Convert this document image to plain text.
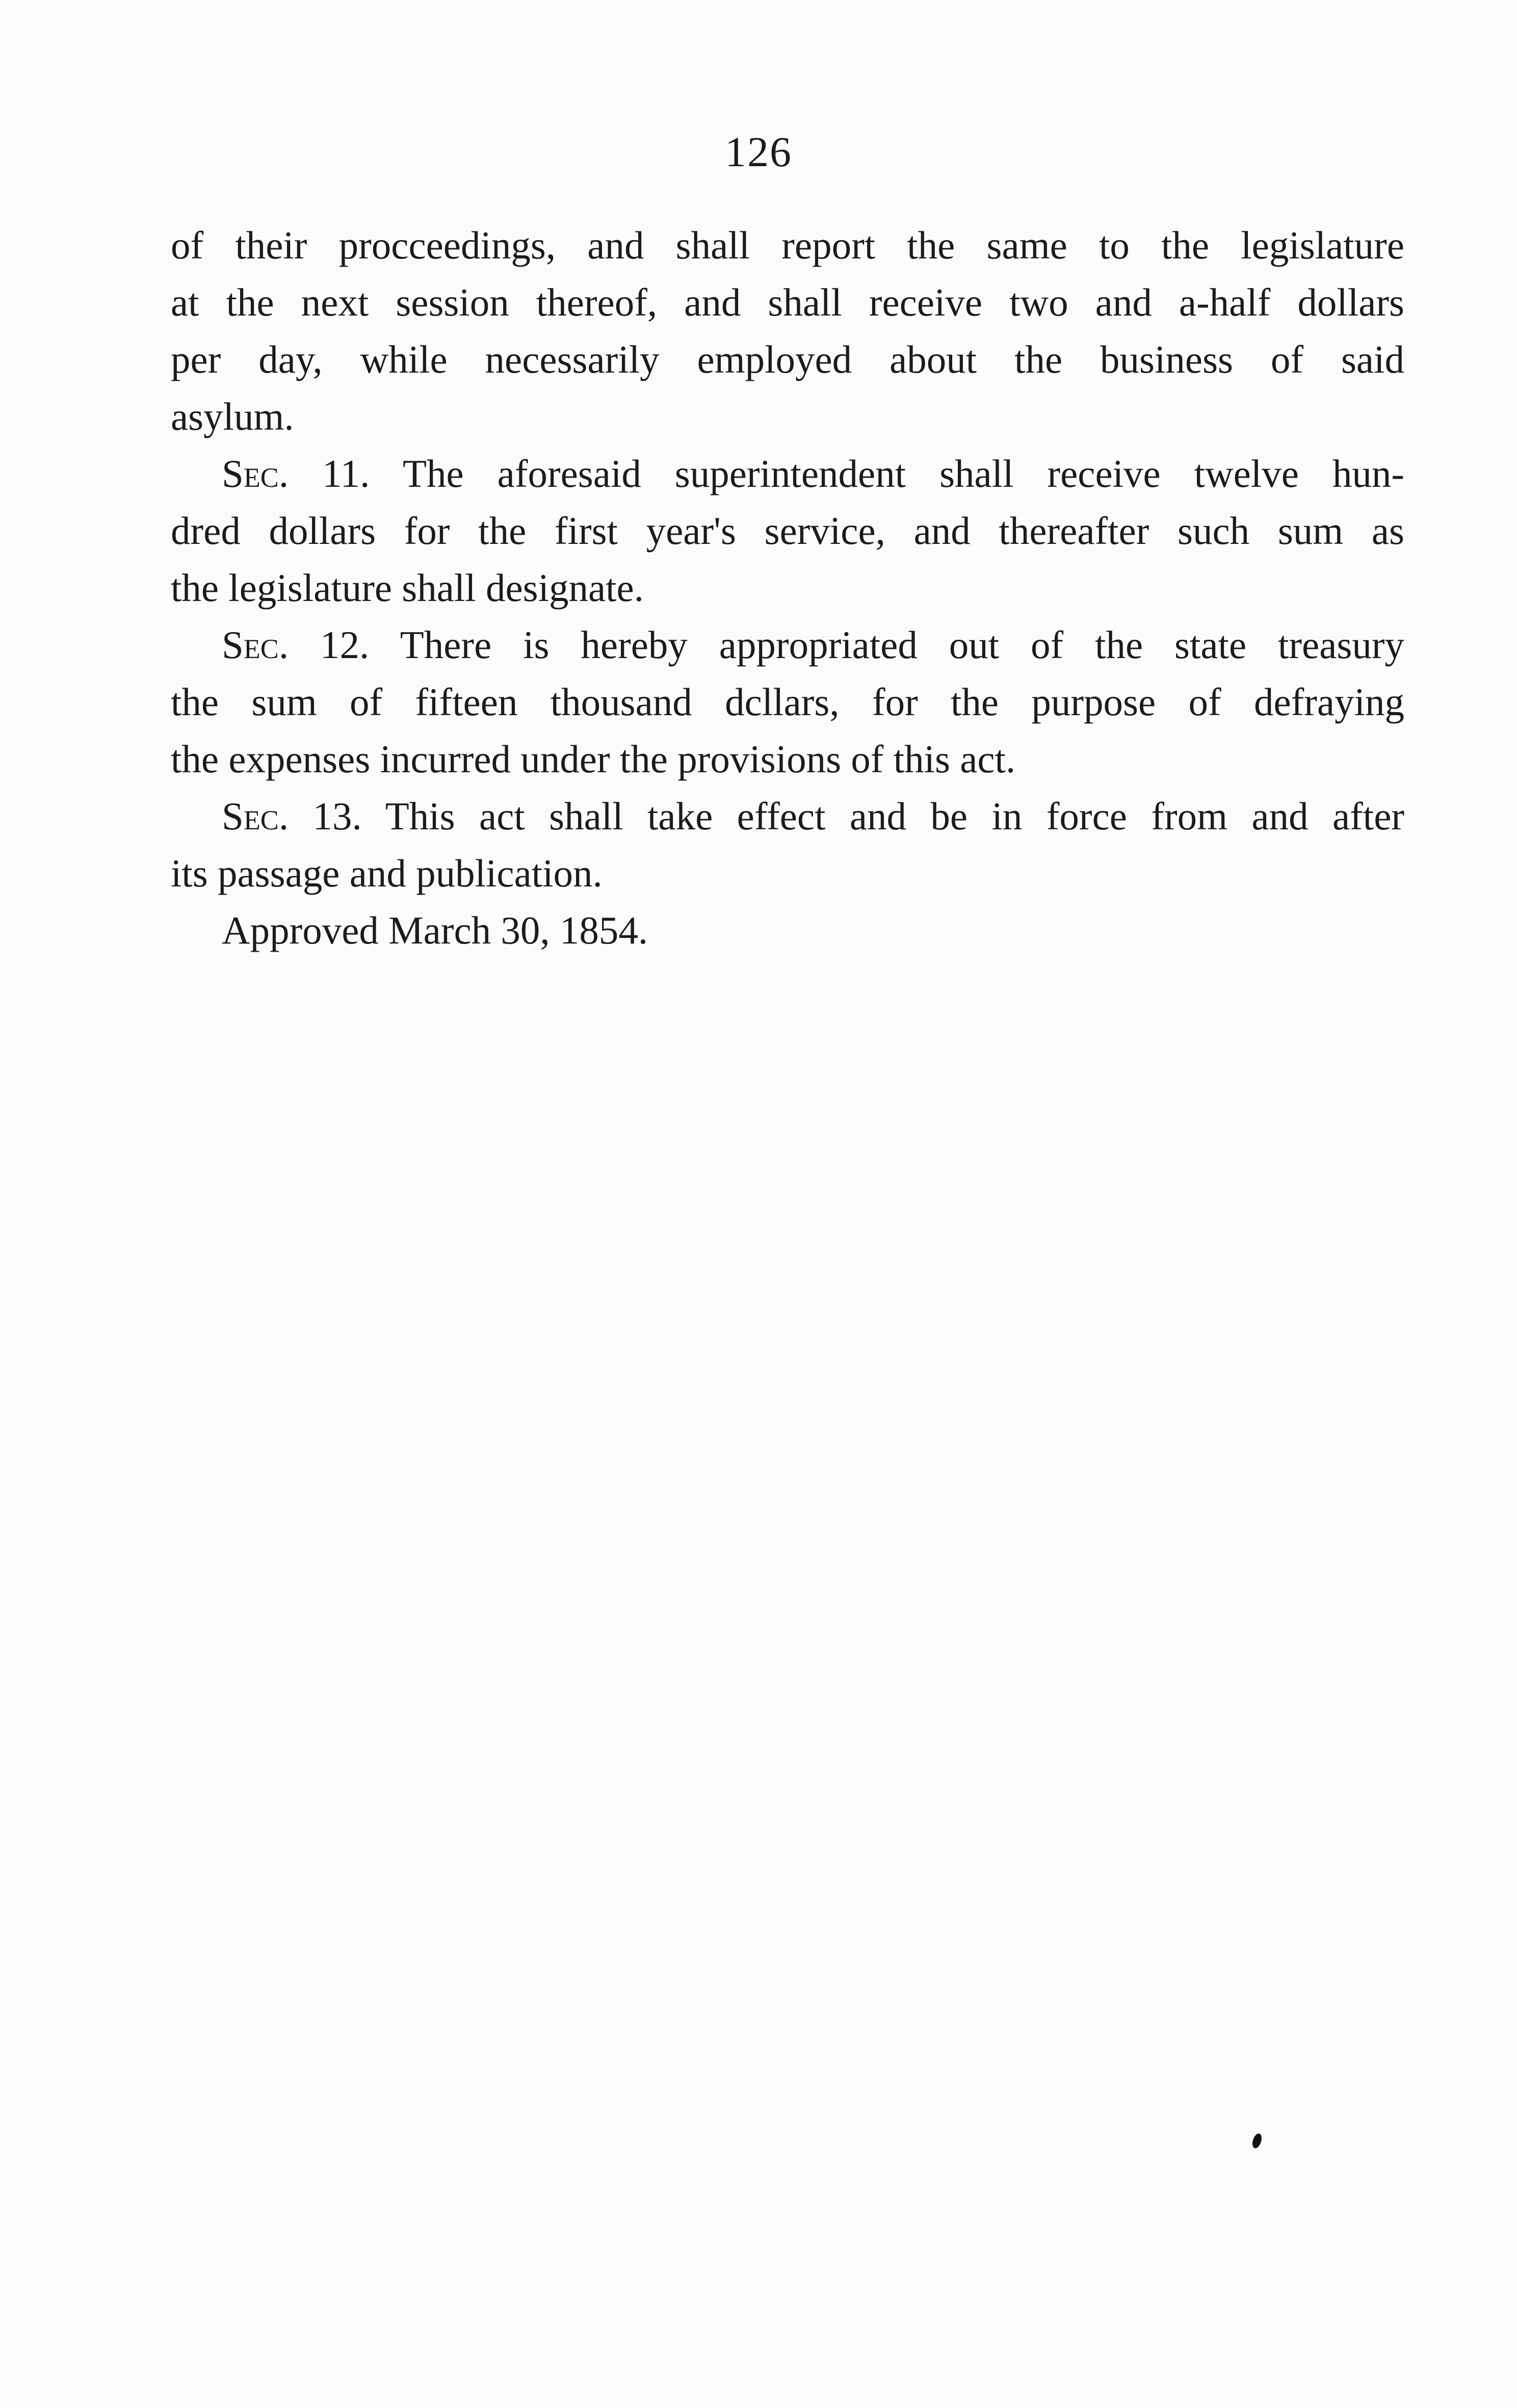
126
of their procceedings, and shall report the same to the legislature
at the next session thereof, and shall receive two and a-half dollars
per day, while necessarily employed about the business of said
asylum.
Sec. 11. The aforesaid superintendent shall receive twelve hun-
dred dollars for the first year's service, and thereafter such sum as
the legislature shall designate.
Sec. 12. There is hereby appropriated out of the state treasury
the sum of fifteen thousand dcllars, for the purpose of defraying
the expenses incurred under the provisions of this act.
Sec. 13. This act shall take effect and be in force from and after
its passage and publication.
Approved March 30, 1854.
